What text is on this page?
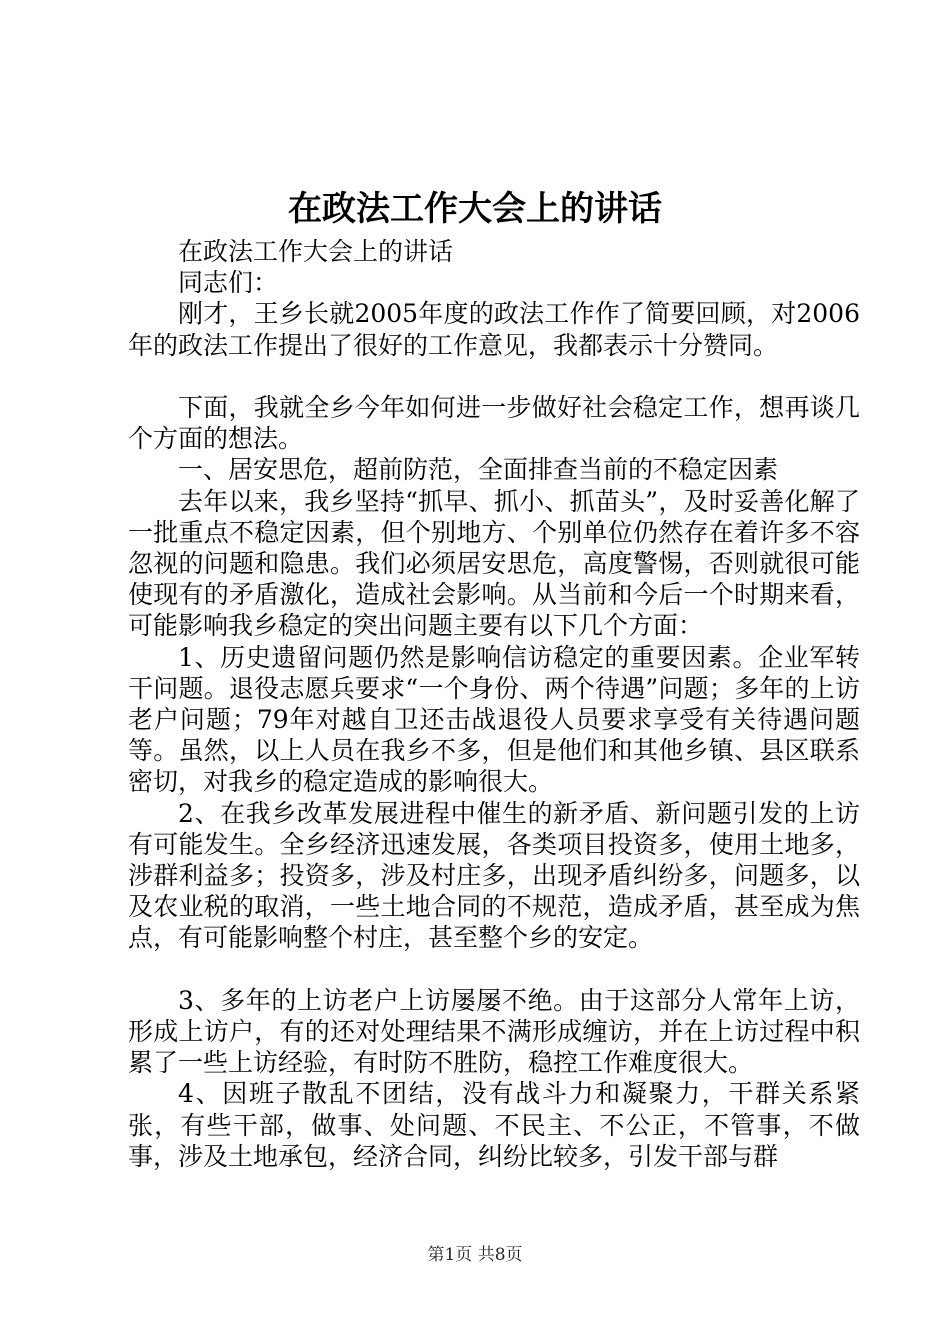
在政法工作大会上的讲话

在政法工作大会上的讲话

同志们：

刚才，王乡长就2005年度的政法工作作了简要回顾，对2006年的政法工作提出了很好的工作意见，我都表示十分赞同。

下面，我就全乡今年如何进一步做好社会稳定工作，想再谈几个方面的想法。

一、居安思危，超前防范，全面排查当前的不稳定因素

去年以来，我乡坚持“抓早、抓小、抓苗头”，及时妥善化解了一批重点不稳定因素，但个别地方、个别单位仍然存在着许多不容忽视的问题和隐患。我们必须居安思危，高度警惕，否则就很可能使现有的矛盾激化，造成社会影响。从当前和今后一个时期来看，可能影响我乡稳定的突出问题主要有以下几个方面：

1、历史遗留问题仍然是影响信访稳定的重要因素。企业军转干问题。退役志愿兵要求“一个身份、两个待遇”问题；多年的上访老户问题；79年对越自卫还击战退役人员要求享受有关待遇问题等。虽然，以上人员在我乡不多，但是他们和其他乡镇、县区联系密切，对我乡的稳定造成的影响很大。

2、在我乡改革发展进程中催生的新矛盾、新问题引发的上访有可能发生。全乡经济迅速发展，各类项目投资多，使用土地多，涉群利益多；投资多，涉及村庄多，出现矛盾纠纷多，问题多，以及农业税的取消，一些土地合同的不规范，造成矛盾，甚至成为焦点，有可能影响整个村庄，甚至整个乡的安定。

3、多年的上访老户上访屡屡不绝。由于这部分人常年上访，形成上访户，有的还对处理结果不满形成缠访，并在上访过程中积累了一些上访经验，有时防不胜防，稳控工作难度很大。

4、因班子散乱不团结，没有战斗力和凝聚力，干群关系紧张，有些干部，做事、处问题、不民主、不公正，不管事，不做事，涉及土地承包，经济合同，纠纷比较多，引发干部与群

第1页 共8页
